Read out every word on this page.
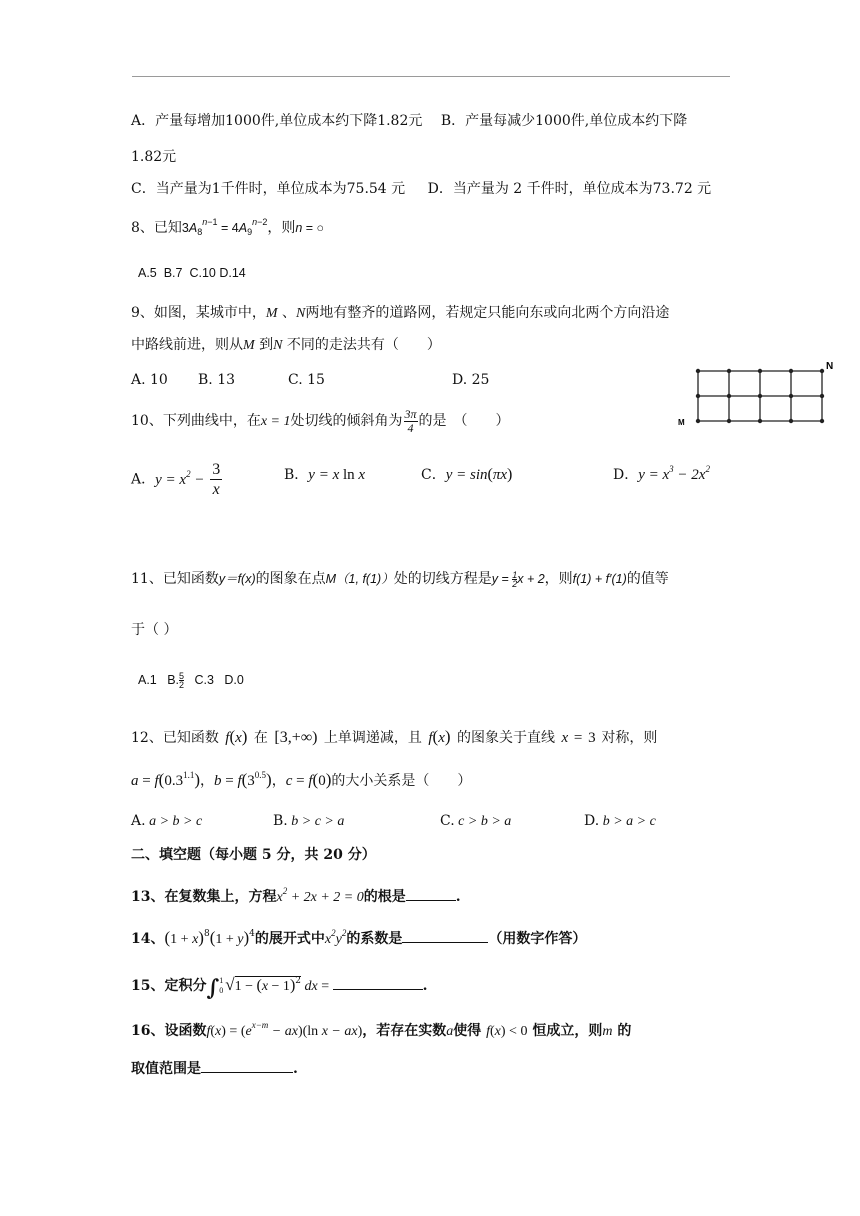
A．产量每增加1000件,单位成本约下降1.82元 B．产量每减少1000件,单位成本约下降
1.82元
C．当产量为1千件时，单位成本为75.54 元 D．当产量为 2 千件时，单位成本为73.72 元
8、已知$3A_8^{n-1} = 4A_9^{n-2}$，则n = ○
A.5 B.7 C.10 D.14
9、如图，某城市中，M 、N两地有整齐的道路网，若规定只能向东或向北两个方向沿途
中路线前进，则从M 到N 不同的走法共有（　　）
A. 10 B. 13	C. 15	D. 25
M
N
10、下列曲线中，在x = 1处切线的倾斜角为 $\frac{3\pi}{4}$ 的是　（　　）
A．$y = x^2 - \frac{3}{x}$	B．y = x ln x	C．y = sin(πx)	D．$y = x^3 - 2x^2$
11、已知函数y＝f(x)的图象在点M（1, f(1)）处的切线方程是$y = \frac{1}{2}$ x + 2，则f(1) + f′(1)的值等
于（ ）
A.1 B. $\frac{5}{2} C.3$ D.0
12、已知函数 f(x) 在 [3,+∞) 上单调递减，且 f(x) 的图象关于直线 x = 3 对称，则
$a = f(0.3^{1.1})$，$b = f(3^{0.5})$，c = f(0)的大小关系是（　　）
A. a > b > c	B. b > c > a	C. c > b > a	D. b > a > c
二、填空题（每小题 5 分，共 20 分）
13、在复数集上，方程$x^2 + 2x + 2 = 0$的根是	.
14、$(1 + x)^8(1 + y)^4$的展开式中$x^2y^2$的系数是	（用数字作答）
15、定积分∫ 1
0 $√1 - (x - 1)^2$ dx =	.
16、设函数$f(x) = (e^{x-m} - ax)(\ln$ x − ax)，若存在实数a使得 f(x) < 0 恒成立，则m 的
取值范围是	.
